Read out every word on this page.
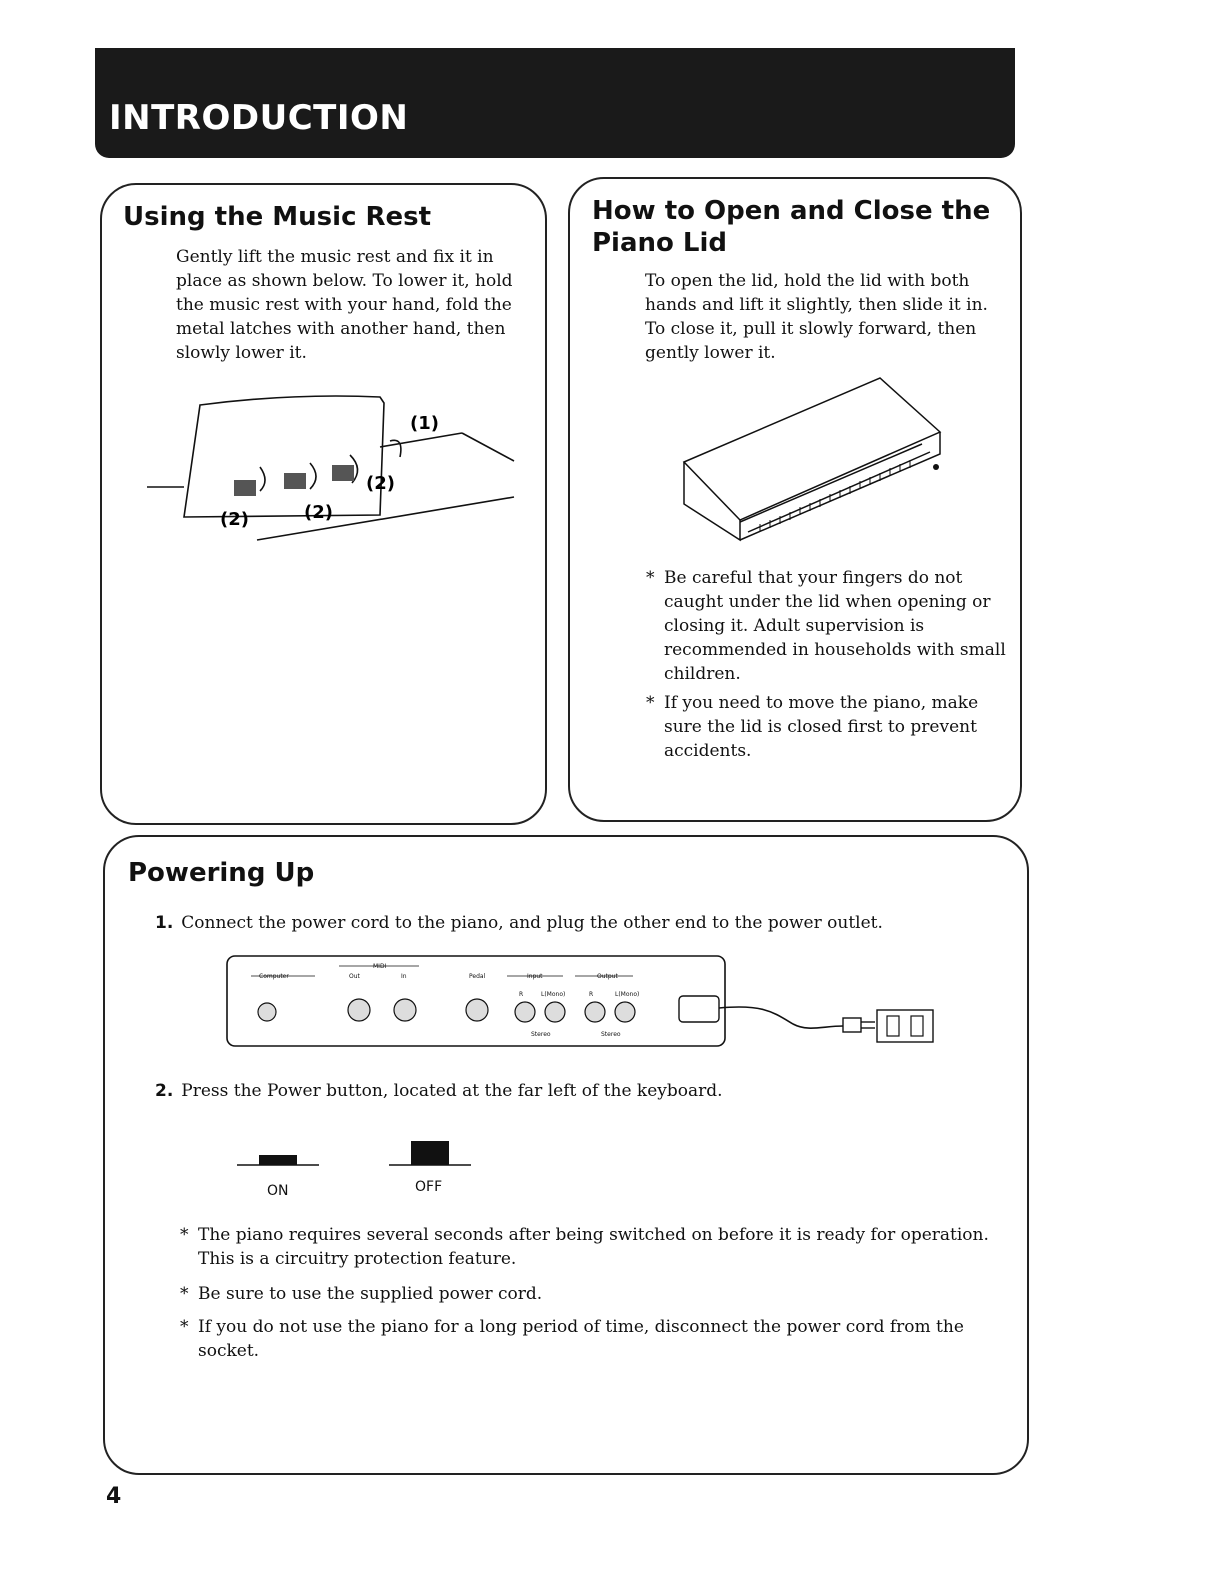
INTRODUCTION
Using the Music Rest
Gently lift the music rest and fix it in place as shown below. To lower it, hold the music rest with your hand, fold the metal latches with another hand, then slowly lower it.
(1)
(2)
(2)	(2)
How to Open and Close the Piano Lid
To open the lid, hold the lid with both hands and lift it slightly, then slide it in. To close it, pull it slowly forward, then gently lower it.
* Be careful that your fingers do not caught under the lid when opening or closing it. Adult supervision is recommended in households with small children.
* If you need to move the piano, make sure the lid is closed first to prevent accidents.
Powering Up
1. Connect the power cord to the piano, and plug the other end to the power outlet.
Computer
MIDI
Out	In	Pedal	Input	Output
R	L(Mono)	R	L(Mono)
Stereo	Stereo
2. Press the Power button, located at the far left of the keyboard.
ON	OFF
* The piano requires several seconds after being switched on before it is ready for operation. This is a circuitry protection feature.
* Be sure to use the supplied power cord.
* If you do not use the piano for a long period of time, disconnect the power cord from the socket.
4
